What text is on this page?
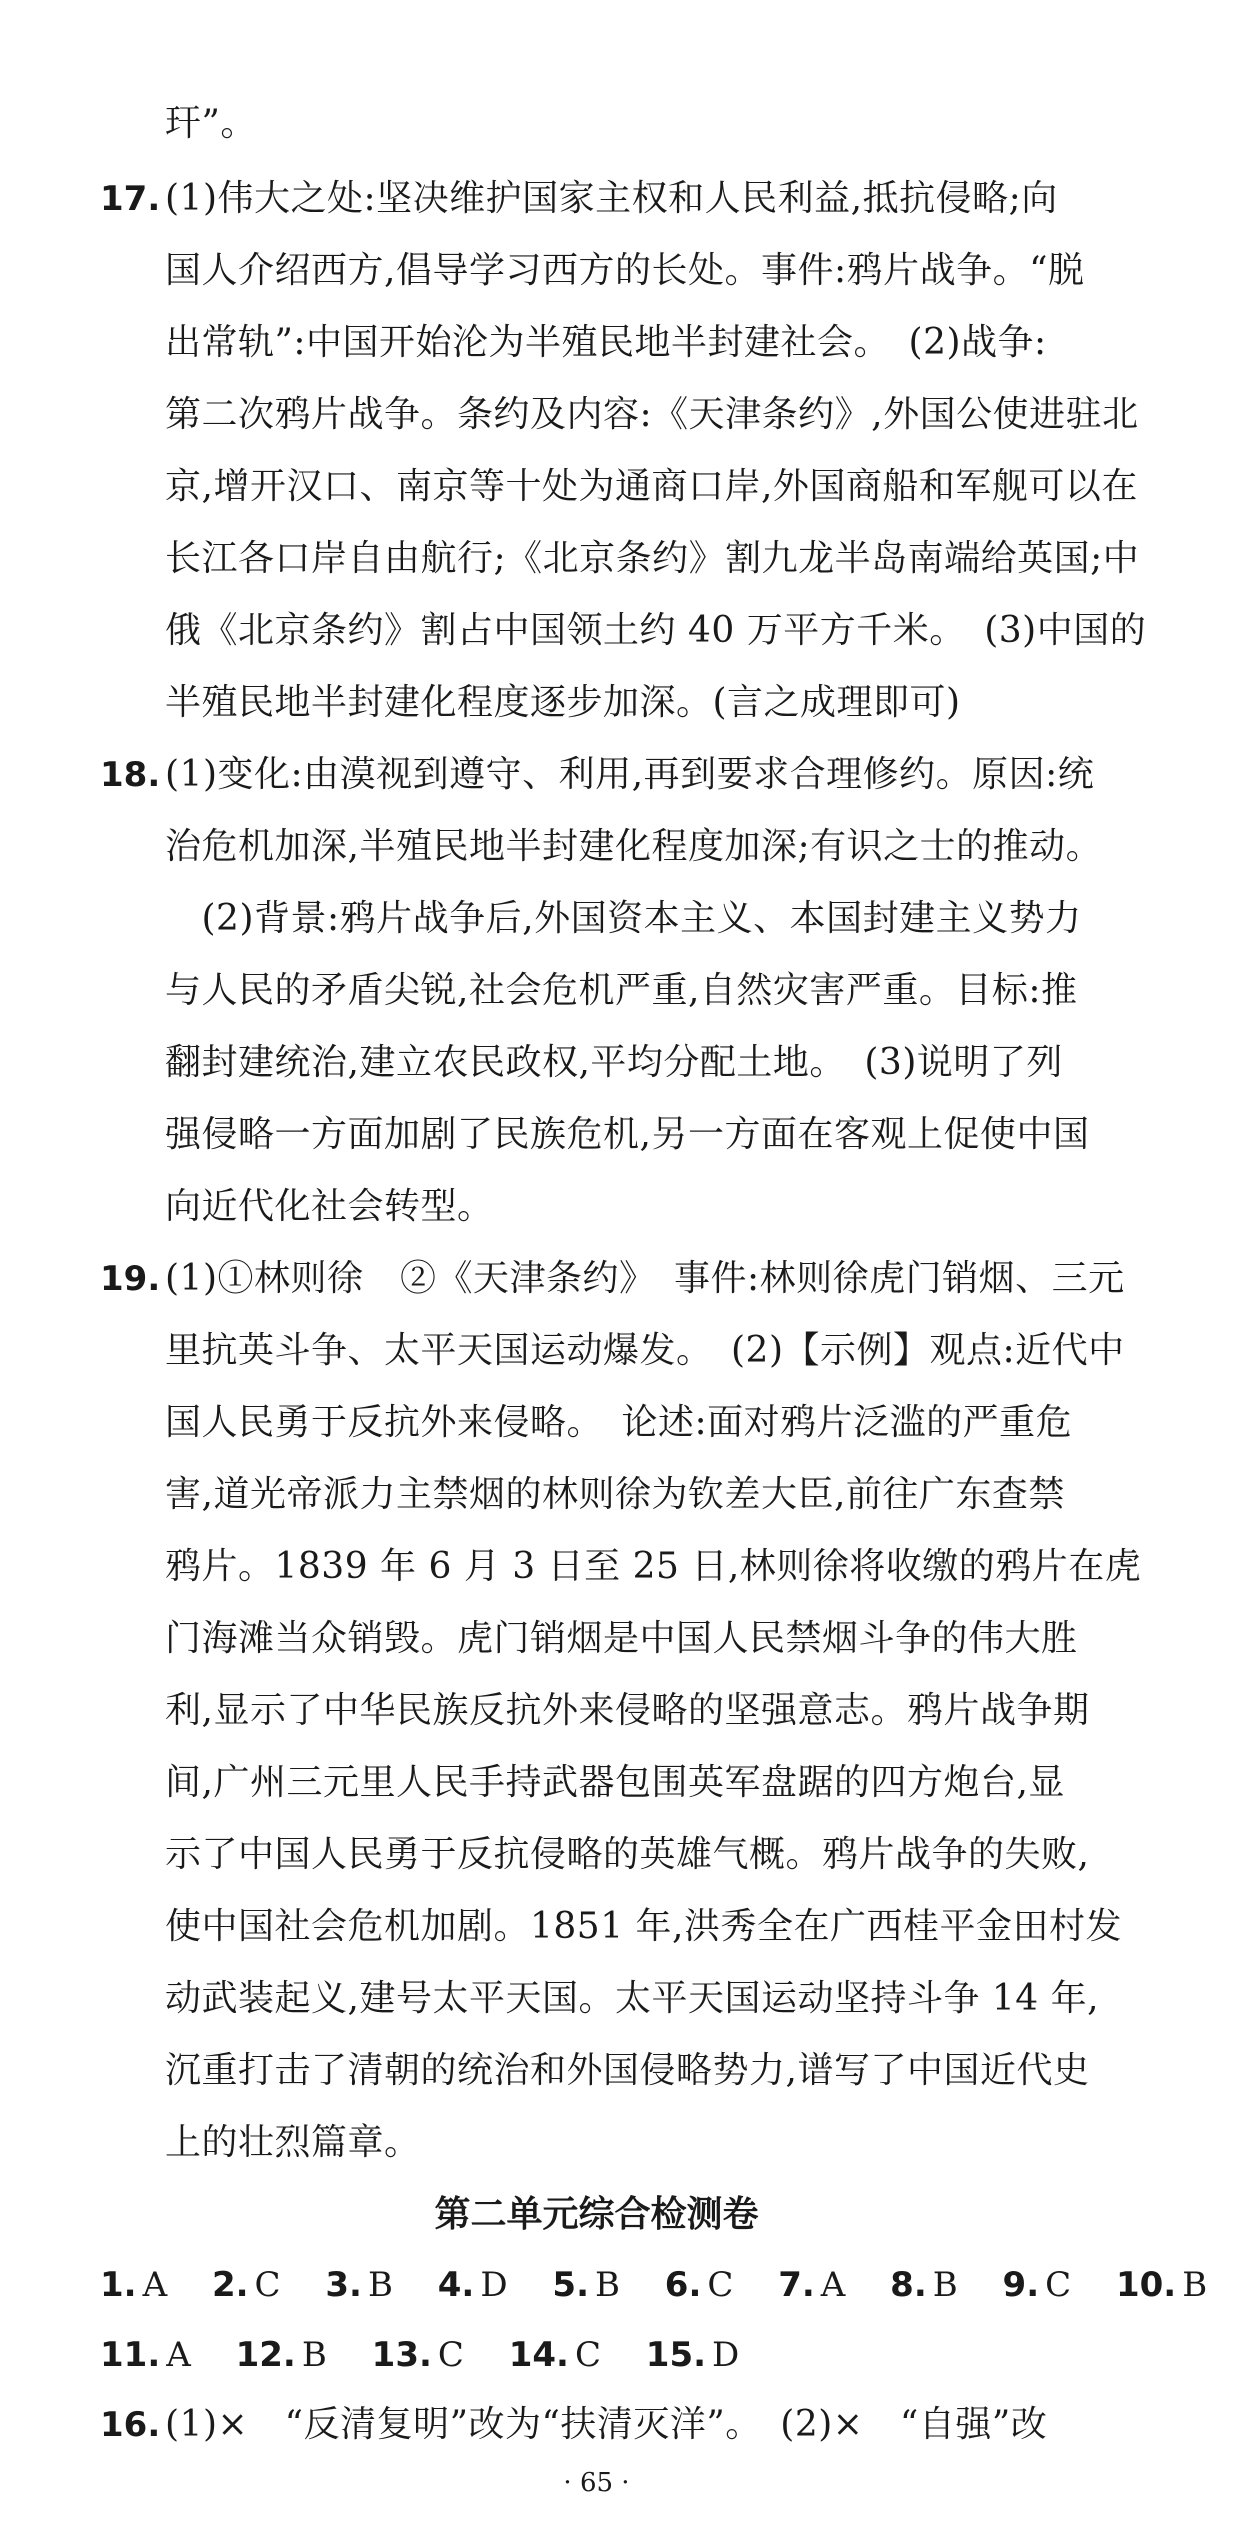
玕”。
17. (1)伟大之处:坚决维护国家主权和人民利益,抵抗侵略;向
国人介绍西方,倡导学习西方的长处。事件:鸦片战争。“脱
出常轨”:中国开始沦为半殖民地半封建社会。　(2)战争:
第二次鸦片战争。条约及内容:《天津条约》,外国公使进驻北
京,增开汉口、南京等十处为通商口岸,外国商船和军舰可以在
长江各口岸自由航行;《北京条约》割九龙半岛南端给英国;中
俄《北京条约》割占中国领土约 40 万平方千米。　(3)中国的
半殖民地半封建化程度逐步加深。(言之成理即可)
18. (1)变化:由漠视到遵守、利用,再到要求合理修约。原因:统
治危机加深,半殖民地半封建化程度加深;有识之士的推动。
　(2)背景:鸦片战争后,外国资本主义、本国封建主义势力
与人民的矛盾尖锐,社会危机严重,自然灾害严重。目标:推
翻封建统治,建立农民政权,平均分配土地。　(3)说明了列
强侵略一方面加剧了民族危机,另一方面在客观上促使中国
向近代化社会转型。
19. (1)①林则徐　②《天津条约》　事件:林则徐虎门销烟、三元
里抗英斗争、太平天国运动爆发。　(2)【示例】观点:近代中
国人民勇于反抗外来侵略。　论述:面对鸦片泛滥的严重危
害,道光帝派力主禁烟的林则徐为钦差大臣,前往广东查禁
鸦片。1839 年 6 月 3 日至 25 日,林则徐将收缴的鸦片在虎
门海滩当众销毁。虎门销烟是中国人民禁烟斗争的伟大胜
利,显示了中华民族反抗外来侵略的坚强意志。鸦片战争期
间,广州三元里人民手持武器包围英军盘踞的四方炮台,显
示了中国人民勇于反抗侵略的英雄气概。鸦片战争的失败,
使中国社会危机加剧。1851 年,洪秀全在广西桂平金田村发
动武装起义,建号太平天国。太平天国运动坚持斗争 14 年,
沉重打击了清朝的统治和外国侵略势力,谱写了中国近代史
上的壮烈篇章。
第二单元综合检测卷
1. A 2. C 3. B 4. D 5. B 6. C 7. A 8. B 9. C 10. B
11. A 12. B 13. C 14. C 15. D
16. (1)×　“反清复明”改为“扶清灭洋”。　(2)×　“自强”改
· 65 ·
